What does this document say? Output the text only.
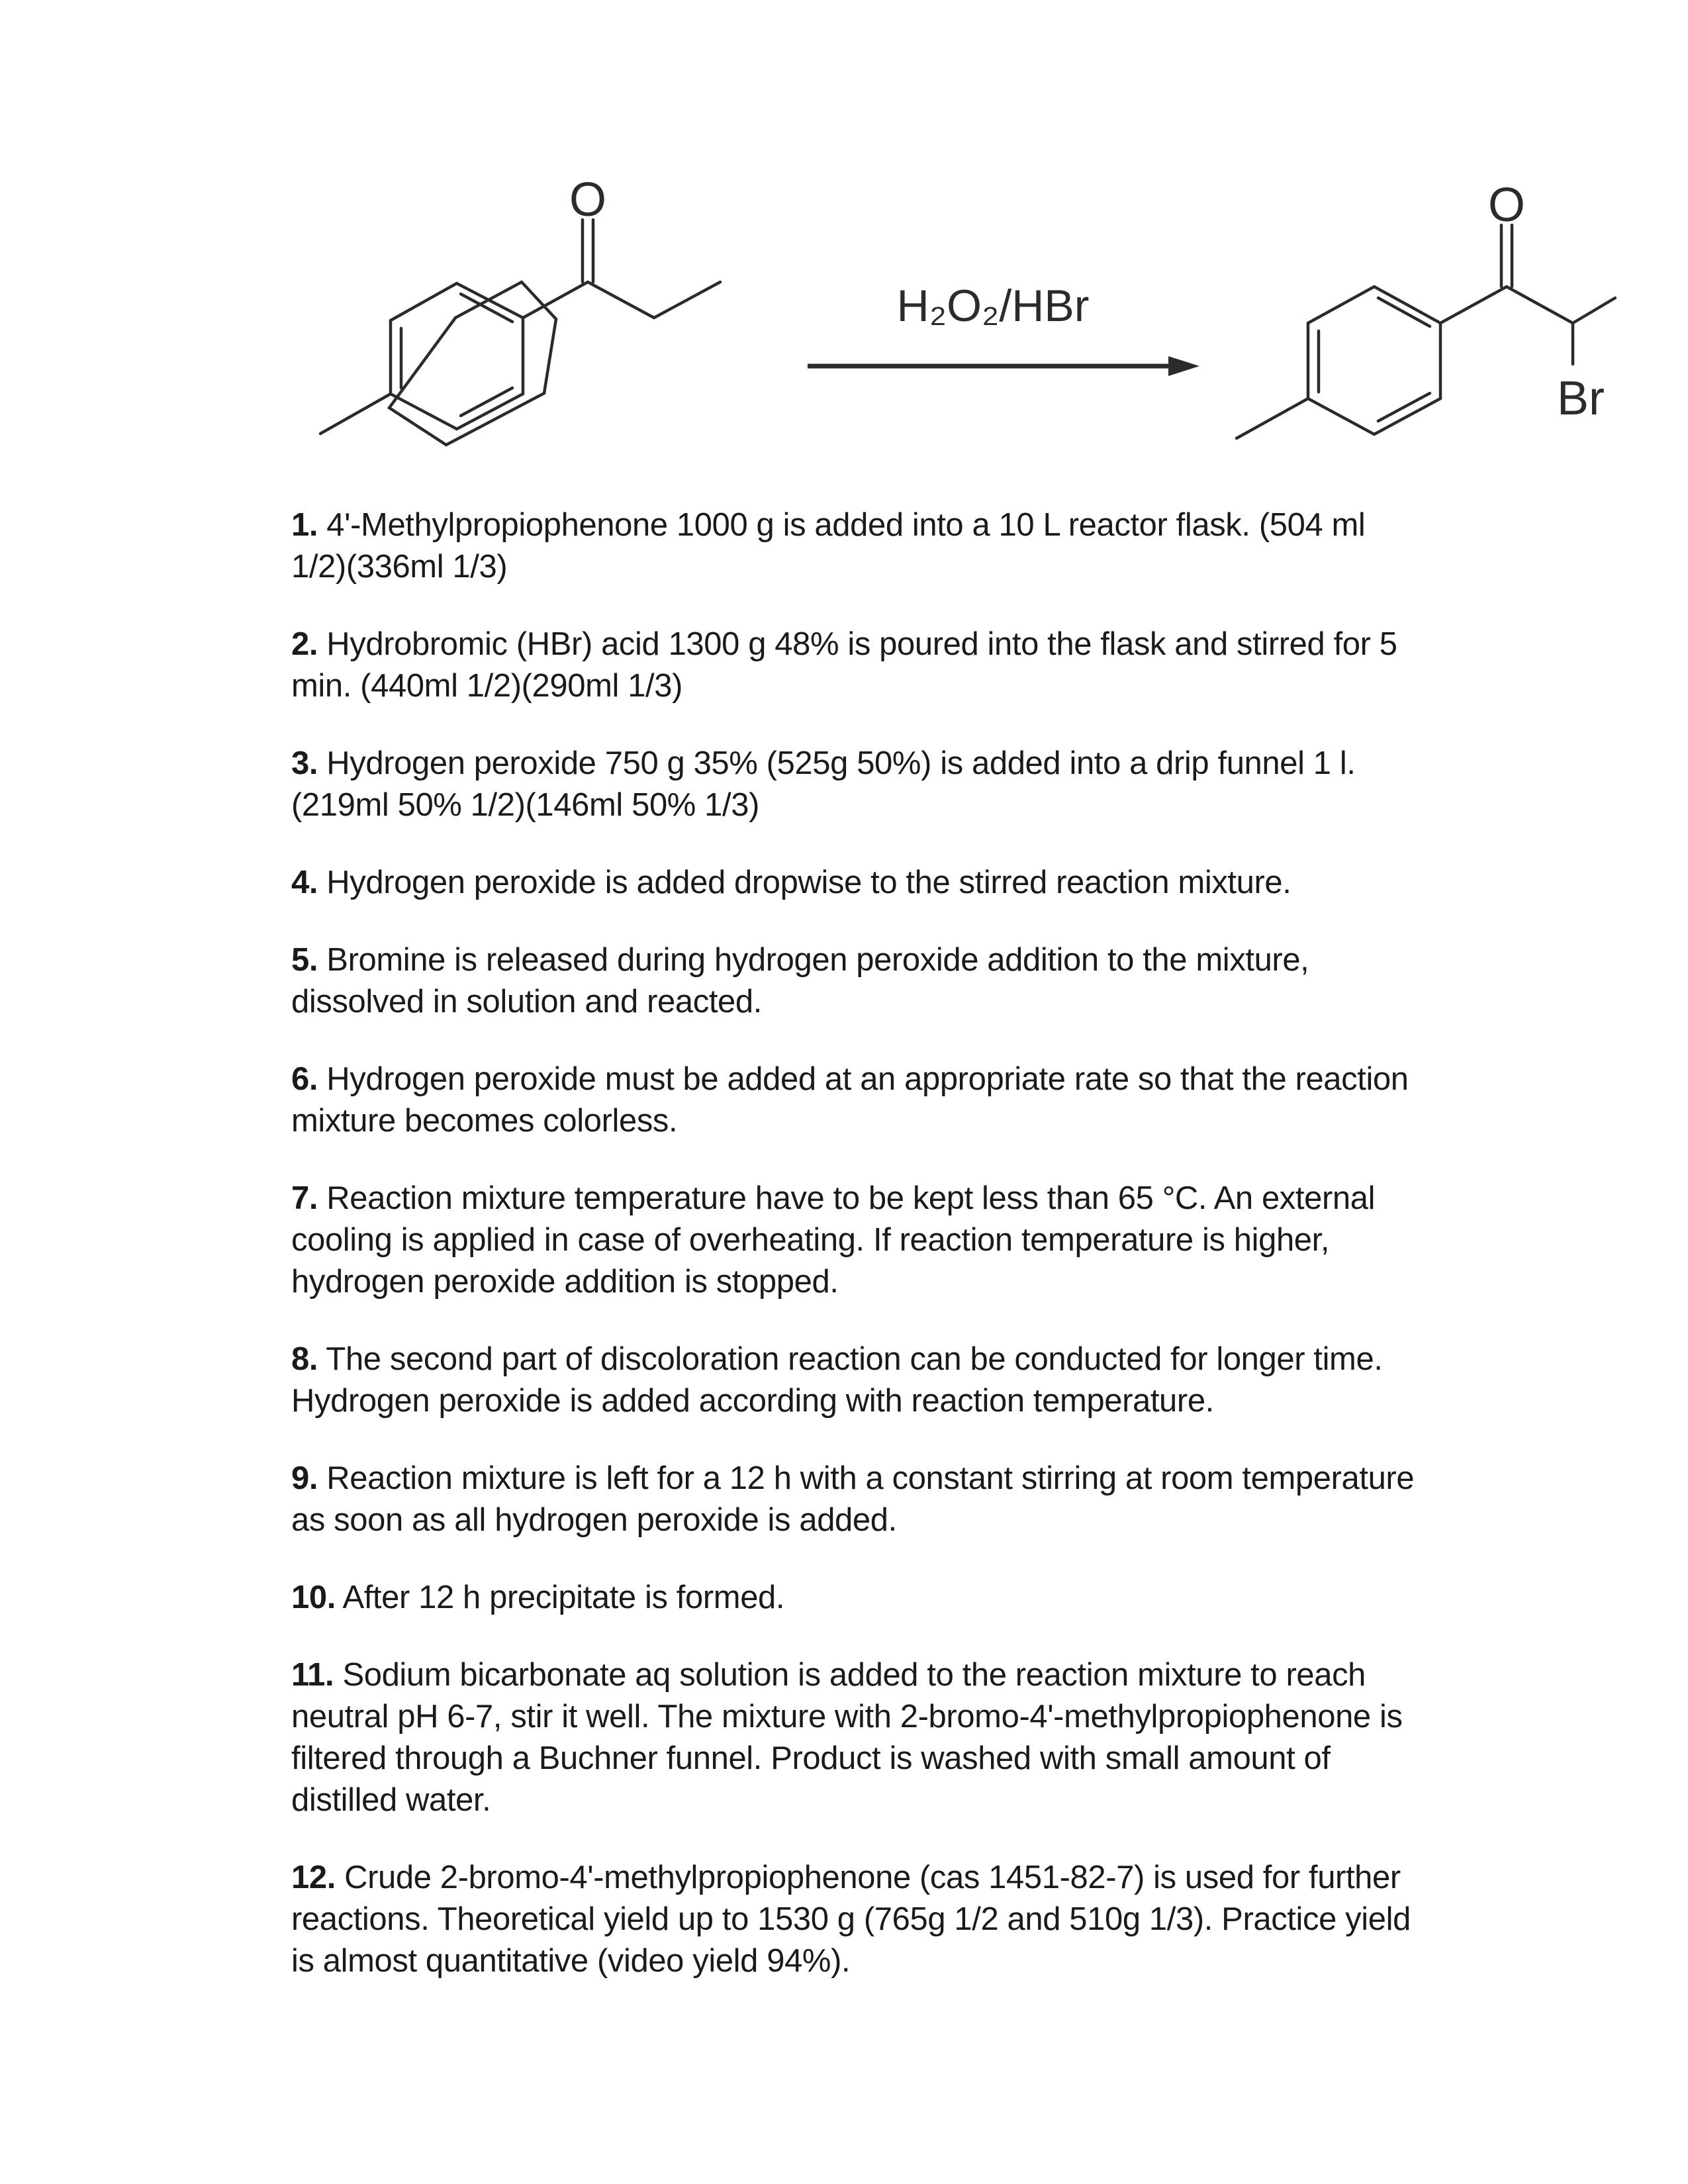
O
H₂O₂/HBr
O
Br

1. 4'-Methylpropiophenone 1000 g is added into a 10 L reactor flask. (504 ml 1/2)(336ml 1/3)

2. Hydrobromic (HBr) acid 1300 g 48% is poured into the flask and stirred for 5 min. (440ml 1/2)(290ml 1/3)

3. Hydrogen peroxide 750 g 35% (525g 50%) is added into a drip funnel 1 l. (219ml 50% 1/2)(146ml 50% 1/3)

4. Hydrogen peroxide is added dropwise to the stirred reaction mixture.

5. Bromine is released during hydrogen peroxide addition to the mixture, dissolved in solution and reacted.

6. Hydrogen peroxide must be added at an appropriate rate so that the reaction mixture becomes colorless.

7. Reaction mixture temperature have to be kept less than 65 °C. An external cooling is applied in case of overheating. If reaction temperature is higher, hydrogen peroxide addition is stopped.

8. The second part of discoloration reaction can be conducted for longer time. Hydrogen peroxide is added according with reaction temperature.

9. Reaction mixture is left for a 12 h with a constant stirring at room temperature as soon as all hydrogen peroxide is added.

10. After 12 h precipitate is formed.

11. Sodium bicarbonate aq solution is added to the reaction mixture to reach neutral pH 6-7, stir it well. The mixture with 2-bromo-4'-methylpropiophenone is filtered through a Buchner funnel. Product is washed with small amount of distilled water.

12. Crude 2-bromo-4'-methylpropiophenone (cas 1451-82-7) is used for further reactions. Theoretical yield up to 1530 g (765g 1/2 and 510g 1/3). Practice yield is almost quantitative (video yield 94%).
